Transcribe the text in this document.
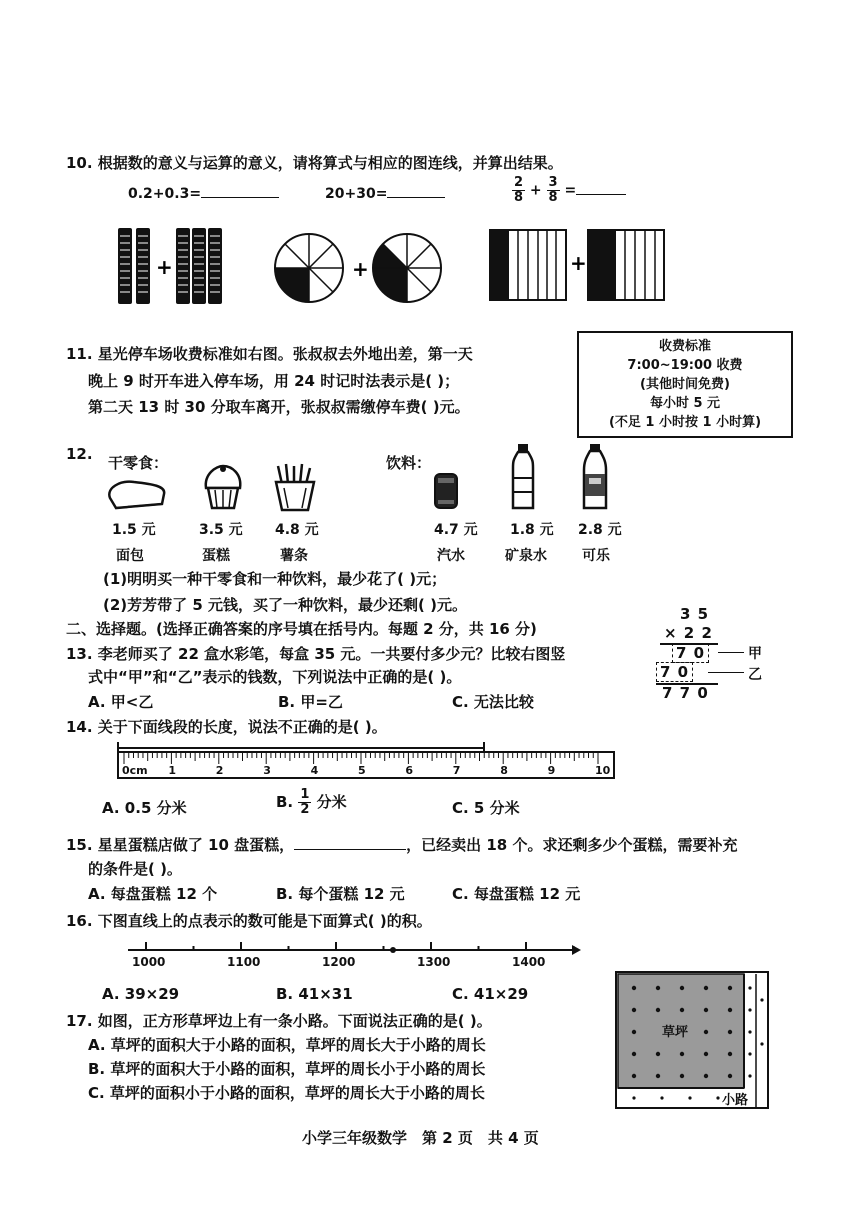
10. 根据数的意义与运算的意义，请将算式与相应的图连线，并算出结果。
0.2+0.3=	20+30=	$\frac{2}{8} + \frac{3}{8}$ =
+	+	+
11. 星光停车场收费标准如右图。张叔叔去外地出差，第一天
晚上 9 时开车进入停车场，用 24 时记时法表示是( )；
第二天 13 时 30 分取车离开，张叔叔需缴停车费( )元。
收费标准
7:00~19:00 收费
(其他时间免费)
每小时 5 元
(不足 1 小时按 1 小时算)
12. 干零食：	饮料：
1.5 元	3.5 元 4.8 元	4.7 元 1.8 元 2.8 元
面包	蛋糕	薯条	汽水	矿泉水	可乐
(1)明明买一种干零食和一种饮料，最少花了( )元；
(2)芳芳带了 5 元钱，买了一种饮料，最少还剩( )元。
二、选择题。(选择正确答案的序号填在括号内。每题 2 分，共 16 分)
3 5
× 2 2
7 0
7 0
7 7 0
甲
乙
13. 李老师买了 22 盒水彩笔，每盒 35 元。一共要付多少元？比较右图竖
式中“甲”和“乙”表示的钱数，下列说法中正确的是( )。
A. 甲<乙	B. 甲=乙	C. 无法比较
14. 关于下面线段的长度，说法不正确的是( )。
0cm 1	2	3	4	5	6	7	8	9	10
A. 0.5 分米	B. $\frac{1}{2}$ 分米	C. 5 分米
15. 星星蛋糕店做了 10 盘蛋糕，	，已经卖出 18 个。求还剩多少个蛋糕，需要补充
的条件是( )。
A. 每盘蛋糕 12 个	B. 每个蛋糕 12 元	C. 每盘蛋糕 12 元
16. 下图直线上的点表示的数可能是下面算式( )的积。
1000	1100	1200	1300	1400
A. 39×29	B. 41×31	C. 41×29
17. 如图，正方形草坪边上有一条小路。下面说法正确的是( )。
A. 草坪的面积大于小路的面积，草坪的周长大于小路的周长
B. 草坪的面积大于小路的面积，草坪的周长小于小路的周长
C. 草坪的面积小于小路的面积，草坪的周长大于小路的周长
草坪
小路
小学三年级数学　第 2 页　共 4 页
